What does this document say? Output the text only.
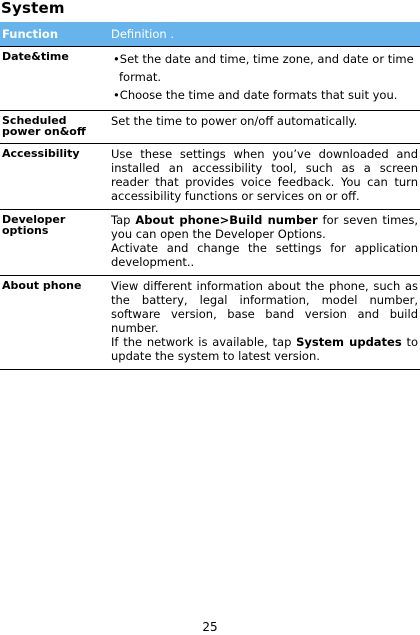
System
Function	Definition .
Date&time	•Set the date and time, time zone, and date or time format.
•Choose the time and date formats that suit you.

Scheduled power on&off	Set the time to power on/off automatically.
Accessibility	Use these settings when you’ve downloaded and installed an accessibility tool, such as a screen reader that provides voice feedback. You can turn accessibility functions or services on or off.
Developer options	Tap About phone>Build number for seven times, you can open the Developer Options.
Activate and change the settings for application development..

About phone	View different information about the phone, such as the battery, legal information, model number, software version, base band version and build number.
If the network is available, tap System updates to update the system to latest version.
25
